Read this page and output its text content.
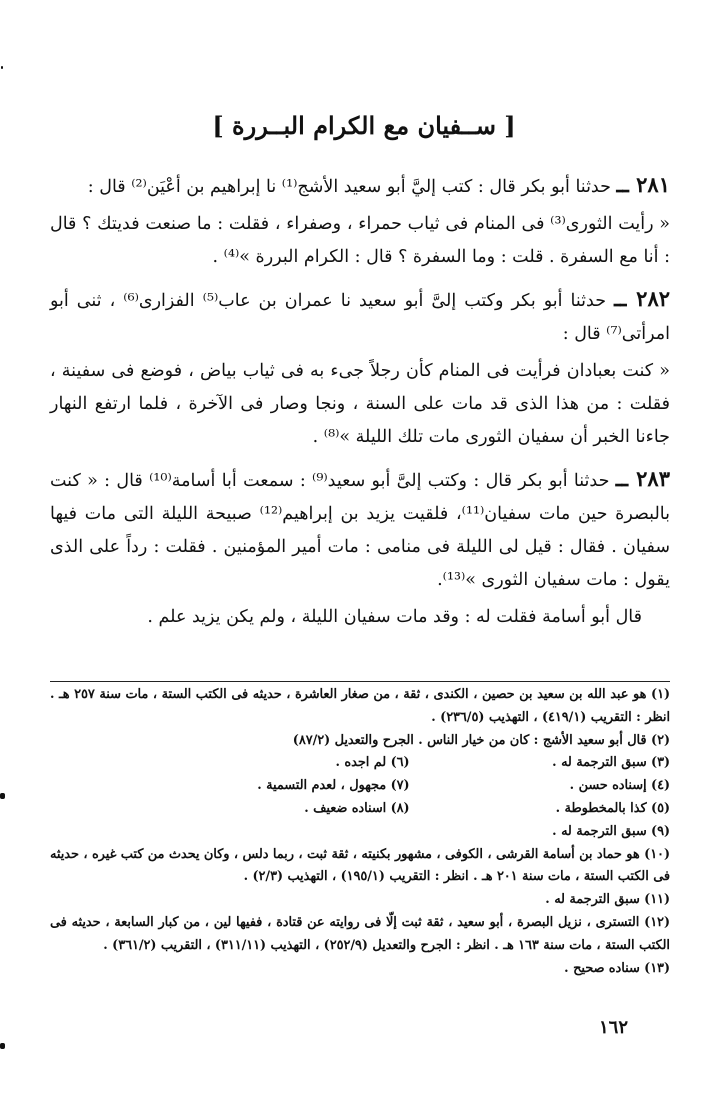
[ ســفيان مع الكرام البــررة ]

٢٨١ ــ حدثنا أبو بكر قال : كتب إليَّ أبو سعيد الأشج⁽¹⁾ نا إبراهيم بن أعْيَن⁽²⁾ قال :

« رأيت الثورى⁽³⁾ فى المنام فى ثياب حمراء ، وصفراء ، فقلت : ما صنعت فديتك ؟ قال : أنا مع السفرة . قلت : وما السفرة ؟ قال : الكرام البررة »⁽⁴⁾ .

٢٨٢ ــ حدثنا أبو بكر وكتب إلىَّ أبو سعيد نا عمران بن عاب⁽⁵⁾ الفزارى⁽⁶⁾ ، ثنى أبو امرأتى⁽⁷⁾ قال :

« كنت بعبادان فرأيت فى المنام كأن رجلاً جىء به فى ثياب بياض ، فوضع فى سفينة ، فقلت : من هذا الذى قد مات على السنة ، ونجا وصار فى الآخرة ، فلما ارتفع النهار جاءنا الخبر أن سفيان الثورى مات تلك الليلة »⁽⁸⁾ .

٢٨٣ ــ حدثنا أبو بكر قال : وكتب إلىَّ أبو سعيد⁽⁹⁾ : سمعت أبا أسامة⁽¹⁰⁾ قال : « كنت بالبصرة حين مات سفيان⁽¹¹⁾، فلقيت يزيد بن إبراهيم⁽¹²⁾ صبيحة الليلة التى مات فيها سفيان . فقال : قيل لى الليلة فى منامى : مات أمير المؤمنين . فقلت : رداً على الذى يقول : مات سفيان الثورى »⁽¹³⁾.

قال أبو أسامة فقلت له : وقد مات سفيان الليلة ، ولم يكن يزيد علم .

(١) هو عبد الله بن سعيد بن حصين ، الكندى ، ثقة ، من صغار العاشرة ، حديثه فى الكتب الستة ، مات سنة ٢٥٧ هـ . انظر : التقريب (٤١٩/١) ، التهذيب (٢٣٦/٥) .

(٢) قال أبو سعيد الأشج : كان من خيار الناس . الجرح والتعديل (٨٧/٢)

(٣) سبق الترجمة له .
(٦) لم اجده .
(٤) إسناده حسن .
(٧) مجهول ، لعدم التسمية .
(٥) كذا بالمخطوطة .
(٨) اسناده ضعيف .

(٩) سبق الترجمة له .

(١٠) هو حماد بن أسامة القرشى ، الكوفى ، مشهور بكنيته ، ثقة ثبت ، ربما دلس ، وكان يحدث من كتب غيره ، حديثه فى الكتب الستة ، مات سنة ٢٠١ هـ . انظر : التقريب (١٩٥/١) ، التهذيب (٢/٣) .

(١١) سبق الترجمة له .

(١٢) التسترى ، نزيل البصرة ، أبو سعيد ، ثقة ثبت إلّا فى روايته عن قتادة ، ففيها لين ، من كبار السابعة ، حديثه فى الكتب الستة ، مات سنة ١٦٣ هـ . انظر : الجرح والتعديل (٢٥٢/٩) ، التهذيب (٣١١/١١) ، التقريب (٣٦١/٢) .

(١٣) سناده صحيح .

١٦٢
